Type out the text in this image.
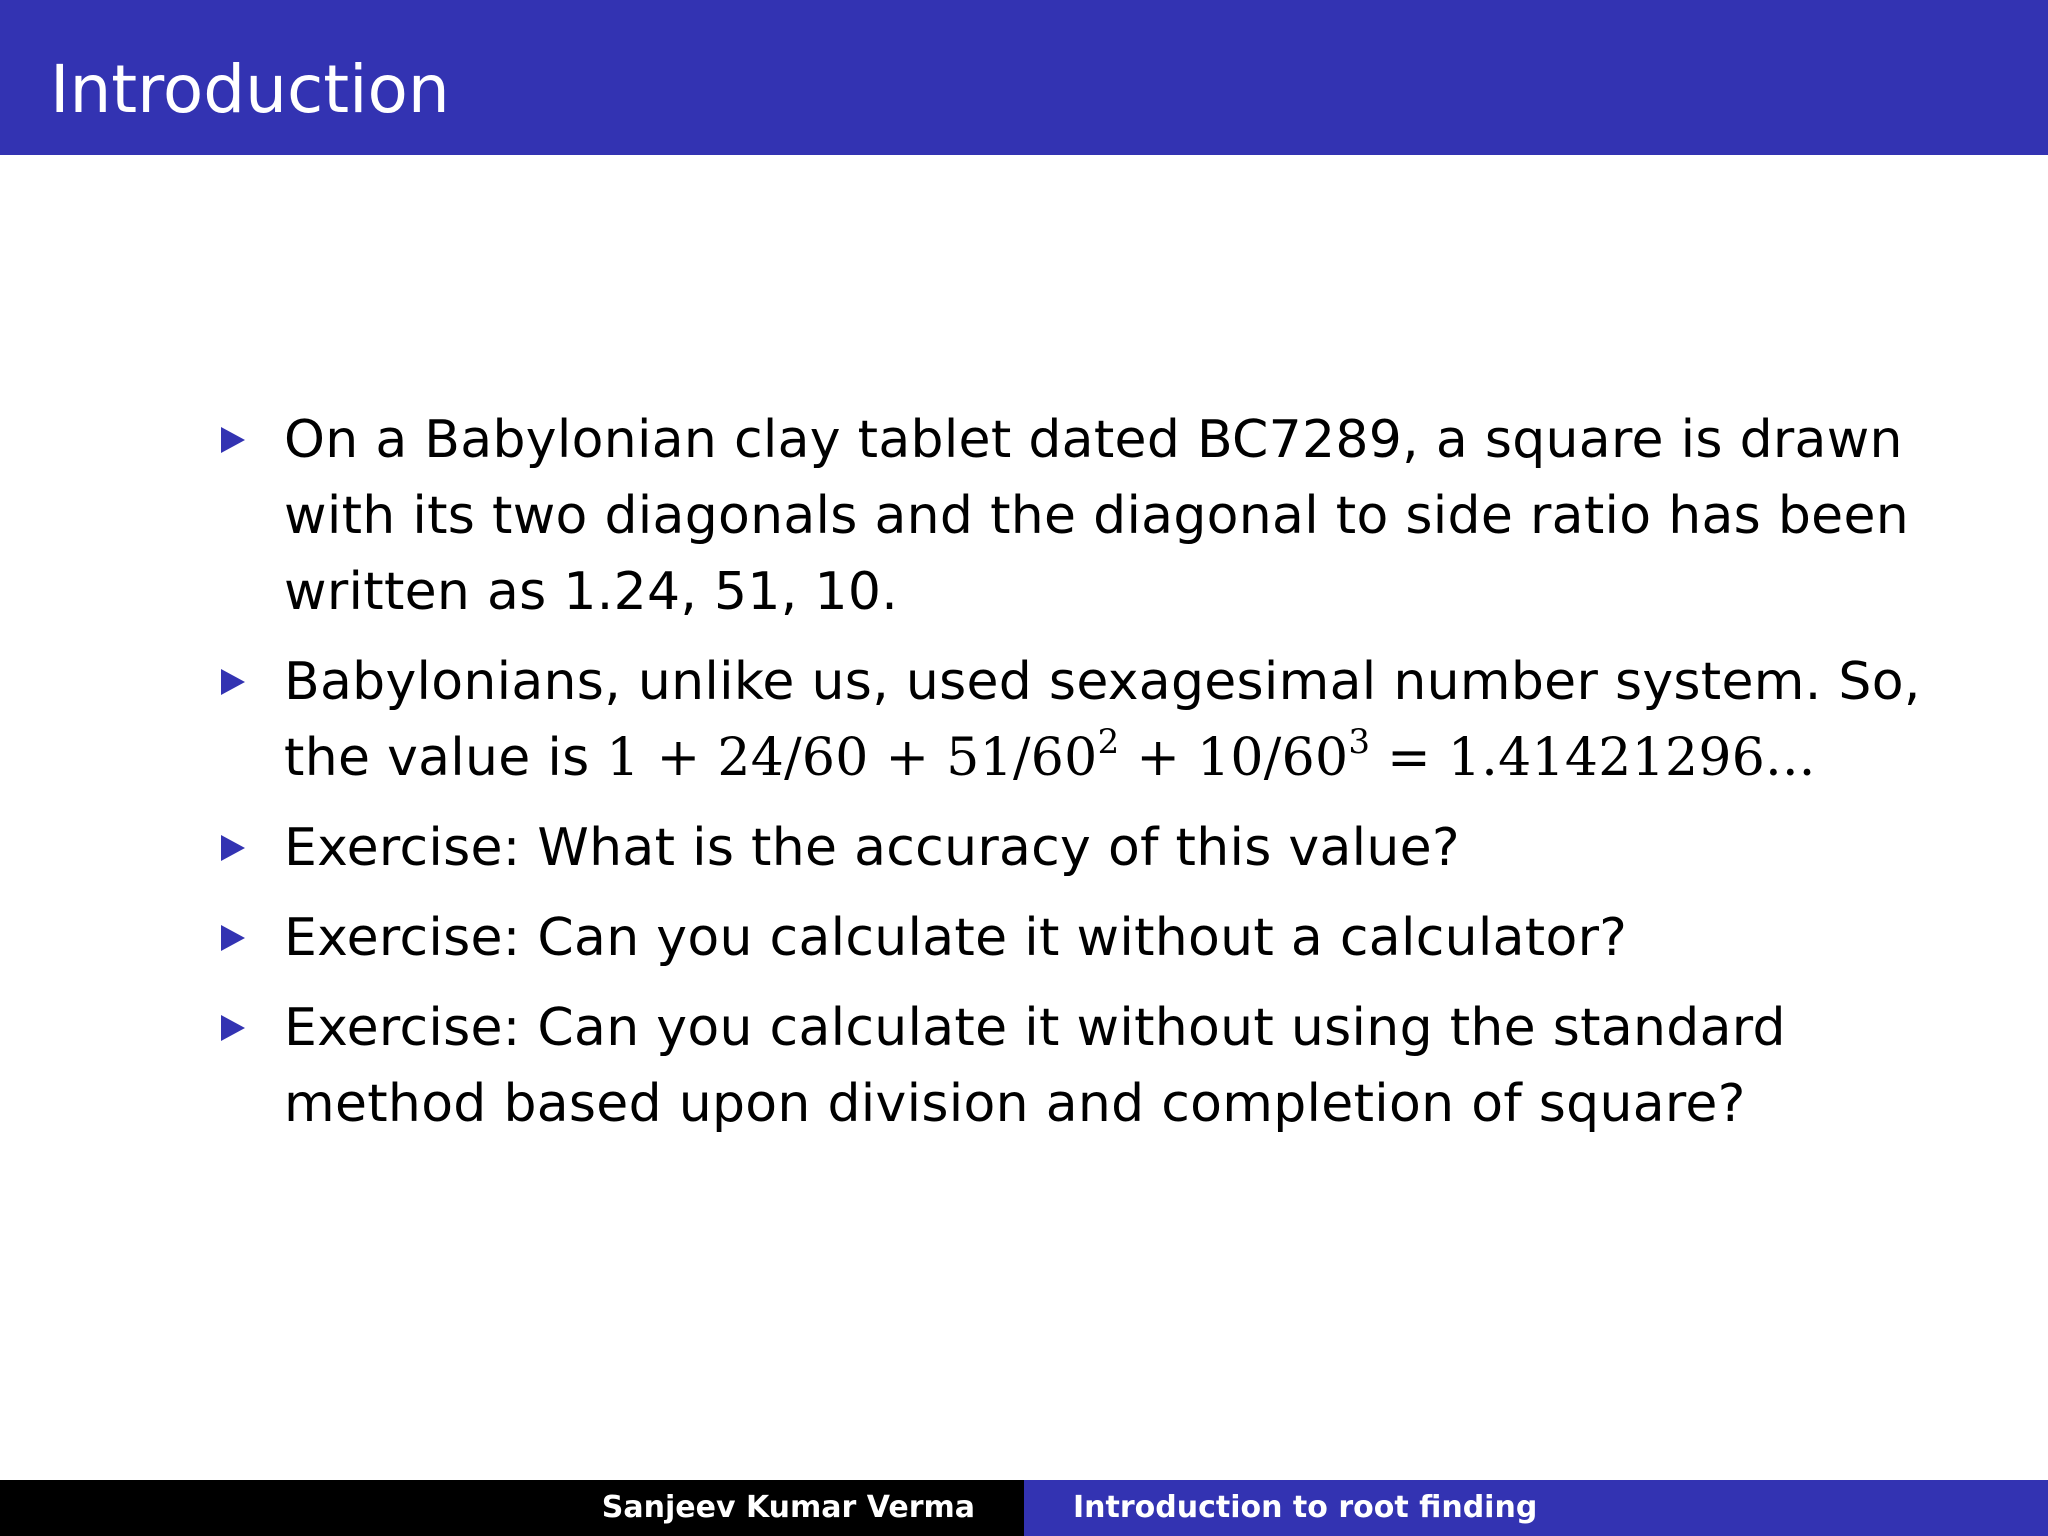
Introduction
On a Babylonian clay tablet dated BC7289, a square is drawn
with its two diagonals and the diagonal to side ratio has been
written as 1.24, 51, 10.
Babylonians, unlike us, used sexagesimal number system. So,
the value is $1 + 24/60 + 51/60^2 + 10/60^3 = 1.41421296$...
Exercise: What is the accuracy of this value?
Exercise: Can you calculate it without a calculator?
Exercise: Can you calculate it without using the standard
method based upon division and completion of square?
Sanjeev Kumar Verma	Introduction to root finding
